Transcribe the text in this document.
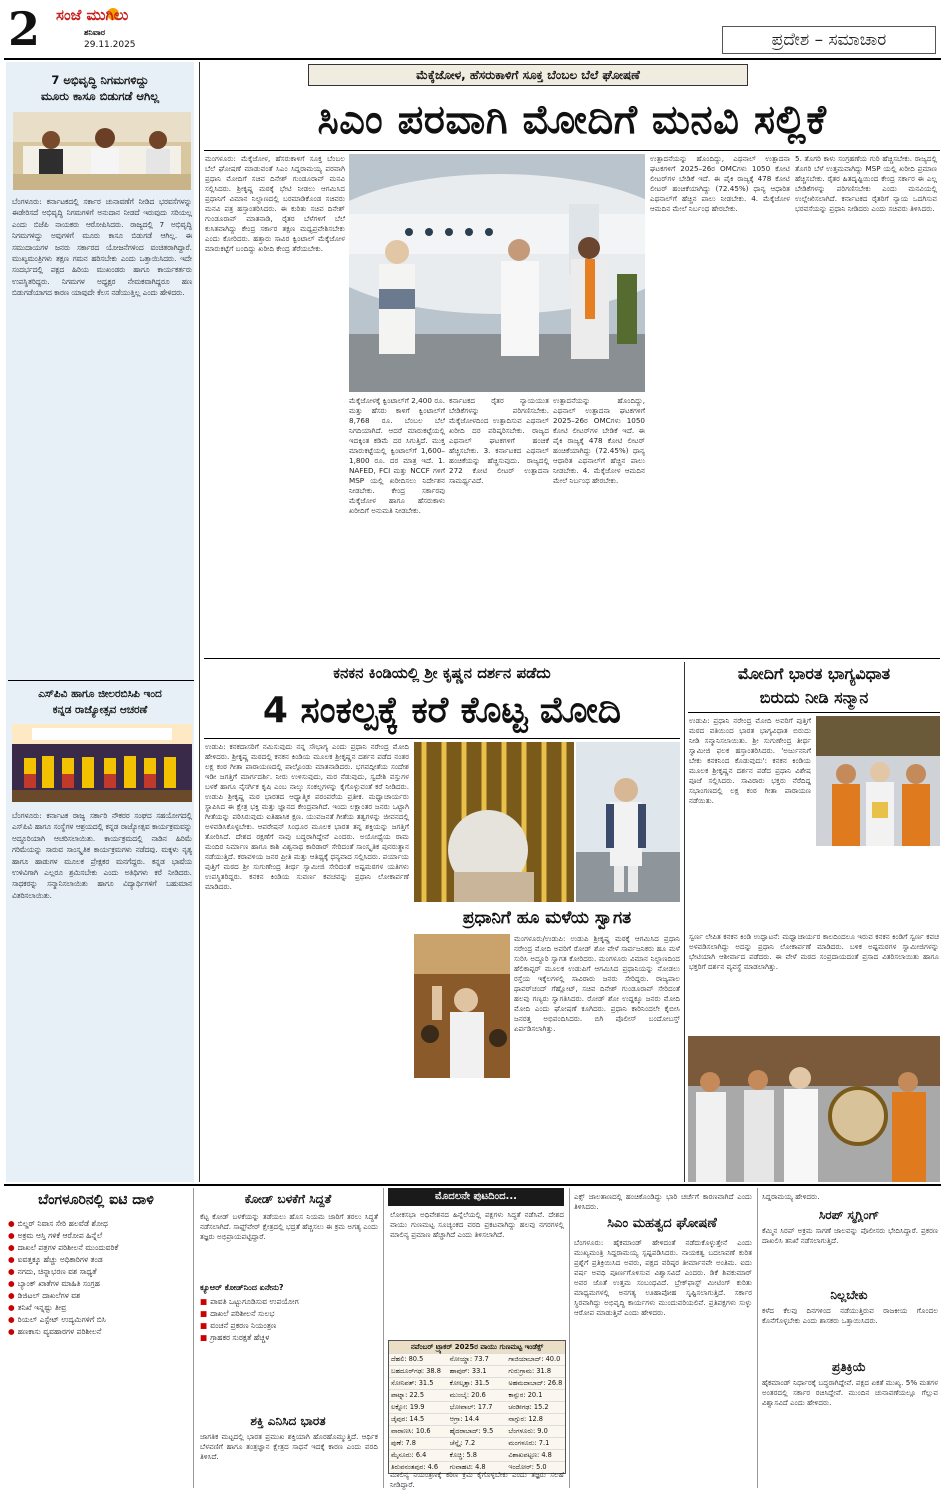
2 ಸಂಜೆ ಮುಗಿಲು
ಶನಿವಾರ
29.11.2025	ಪ್ರದೇಶ – ಸಮಾಚಾರ
7 ಅಭಿವೃದ್ಧಿ ನಿಗಮಗಳಿದ್ದು
ಮೂರು ಕಾಸೂ ಬಿಡುಗಡೆ ಆಗಿಲ್ಲ
ಬೆಂಗಳೂರು: ಕರ್ನಾಟಕದಲ್ಲಿ ಸರ್ಕಾರ ಚುನಾವಣೆಗೆ ನೀಡಿದ ಭರವಸೆಗಳನ್ನು ಈಡೇರಿಸದೆ ಅಭಿವೃದ್ಧಿ ನಿಗಮಗಳಿಗೆ ಅನುದಾನ ನೀಡದೆ ಇರುವುದು ಸರಿಯಲ್ಲ ಎಂದು ಬಿಜೆಪಿ ನಾಯಕರು ಆರೋಪಿಸಿದರು. ರಾಜ್ಯದಲ್ಲಿ 7 ಅಭಿವೃದ್ಧಿ ನಿಗಮಗಳಿದ್ದು ಅವುಗಳಿಗೆ ಮೂರು ಕಾಸೂ ಬಿಡುಗಡೆ ಆಗಿಲ್ಲ. ಈ ಸಮುದಾಯಗಳ ಜನರು ಸರ್ಕಾರದ ಯೋಜನೆಗಳಿಂದ ವಂಚಿತರಾಗಿದ್ದಾರೆ. ಮುಖ್ಯಮಂತ್ರಿಗಳು ತಕ್ಷಣ ಗಮನ ಹರಿಸಬೇಕು ಎಂದು ಒತ್ತಾಯಿಸಿದರು. ಇದೇ ಸಂದರ್ಭದಲ್ಲಿ ಪಕ್ಷದ ಹಿರಿಯ ಮುಖಂಡರು ಹಾಗೂ ಕಾರ್ಯಕರ್ತರು ಉಪಸ್ಥಿತರಿದ್ದರು. ನಿಗಮಗಳ ಅಧ್ಯಕ್ಷರ ನೇಮಕವಾಗಿದ್ದರೂ ಹಣ ಬಿಡುಗಡೆಯಾಗದ ಕಾರಣ ಯಾವುದೇ ಕೆಲಸ ನಡೆಯುತ್ತಿಲ್ಲ ಎಂದು ಹೇಳಿದರು.
ಎಸ್‌ಪಿವಿ ಹಾಗೂ ಜೀಲರಬಿಸಿಪಿ ಇಂದ
ಕನ್ನಡ ರಾಜ್ಯೋತ್ಸವ ಆಚರಣೆ
ಬೆಂಗಳೂರು: ಕರ್ನಾಟಕ ರಾಜ್ಯ ಸರ್ಕಾರಿ ನೌಕರರ ಸಂಘದ ಸಹಯೋಗದಲ್ಲಿ ಎಸ್‌ಪಿವಿ ಹಾಗೂ ಸಂಸ್ಥೆಗಳ ಆಶ್ರಯದಲ್ಲಿ ಕನ್ನಡ ರಾಜ್ಯೋತ್ಸವ ಕಾರ್ಯಕ್ರಮವನ್ನು ಅದ್ಧೂರಿಯಾಗಿ ಆಚರಿಸಲಾಯಿತು. ಕಾರ್ಯಕ್ರಮದಲ್ಲಿ ನಾಡಿನ ಹಿರಿಮೆ ಗರಿಮೆಯನ್ನು ಸಾರುವ ಸಾಂಸ್ಕೃತಿಕ ಕಾರ್ಯಕ್ರಮಗಳು ನಡೆದವು. ಮಕ್ಕಳು ನೃತ್ಯ ಹಾಗೂ ಹಾಡುಗಳ ಮೂಲಕ ಪ್ರೇಕ್ಷಕರ ಮನಗೆದ್ದರು. ಕನ್ನಡ ಭಾಷೆಯ ಉಳಿವಿಗಾಗಿ ಎಲ್ಲರೂ ಶ್ರಮಿಸಬೇಕು ಎಂದು ಅತಿಥಿಗಳು ಕರೆ ನೀಡಿದರು. ಸಾಧಕರನ್ನು ಸನ್ಮಾನಿಸಲಾಯಿತು ಹಾಗೂ ವಿದ್ಯಾರ್ಥಿಗಳಿಗೆ ಬಹುಮಾನ ವಿತರಿಸಲಾಯಿತು.
ಮೆಕ್ಕೆಜೋಳ, ಹೆಸರುಕಾಳಿಗೆ ಸೂಕ್ತ ಬೆಂಬಲ ಬೆಲೆ ಘೋಷಣೆ
ಸಿಎಂ ಪರವಾಗಿ ಮೋದಿಗೆ ಮನವಿ ಸಲ್ಲಿಕೆ
ಮಂಗಳೂರು: ಮೆಕ್ಕೆಜೋಳ, ಹೆಸರುಕಾಳಿಗೆ ಸೂಕ್ತ ಬೆಂಬಲ ಬೆಲೆ ಘೋಷಣೆ ಮಾಡುವಂತೆ ಸಿಎಂ ಸಿದ್ದರಾಮಯ್ಯ ಪರವಾಗಿ ಪ್ರಧಾನಿ ಮೋದಿಗೆ ಸಚಿವ ದಿನೇಶ್ ಗುಂಡೂರಾವ್ ಮನವಿ ಸಲ್ಲಿಸಿದರು. ಶ್ರೀಕೃಷ್ಣ ಮಠಕ್ಕೆ ಭೇಟಿ ನೀಡಲು ಆಗಮಿಸಿದ ಪ್ರಧಾನಿಗೆ ವಿಮಾನ ನಿಲ್ದಾಣದಲ್ಲಿ ಬರಮಾಡಿಕೊಂಡ ಸಚಿವರು ಮನವಿ ಪತ್ರ ಹಸ್ತಾಂತರಿಸಿದರು. ಈ ಕುರಿತು ಸಚಿವ ದಿನೇಶ್ ಗುಂಡೂರಾವ್ ಮಾತನಾಡಿ, ರೈತರ ಬೆಳೆಗಳಿಗೆ ಬೆಲೆ ಕುಸಿತವಾಗಿದ್ದು ಕೇಂದ್ರ ಸರ್ಕಾರ ತಕ್ಷಣ ಮಧ್ಯಪ್ರವೇಶಿಸಬೇಕು ಎಂದು ಕೋರಿದರು. ಹತ್ತಾರು ಸಾವಿರ ಕ್ವಿಂಟಾಲ್ ಮೆಕ್ಕೆಜೋಳ ಮಾರುಕಟ್ಟೆಗೆ ಬಂದಿದ್ದು ಖರೀದಿ ಕೇಂದ್ರ ತೆರೆಯಬೇಕು.
ಮೆಕ್ಕೆಜೋಳಕ್ಕೆ ಕ್ವಿಂಟಾಲ್‌ಗೆ 2,400 ರೂ. ಮತ್ತು ಹೆಸರು ಕಾಳಿಗೆ ಕ್ವಿಂಟಾಲ್‌ಗೆ 8,768 ರೂ. ಬೆಂಬಲ ಬೆಲೆ ನಿಗದಿಯಾಗಿದೆ. ಆದರೆ ಮಾರುಕಟ್ಟೆಯಲ್ಲಿ ಇದಕ್ಕಿಂತ ಕಡಿಮೆ ದರ ಸಿಗುತ್ತಿದೆ. ಮುಕ್ತ ಮಾರುಕಟ್ಟೆಯಲ್ಲಿ ಕ್ವಿಂಟಾಲ್‌ಗೆ 1,600–1,800 ರೂ. ದರ ಮಾತ್ರ ಇದೆ. 1. NAFED, FCI ಮತ್ತು NCCF ಗಳಿಗೆ MSP ಯಲ್ಲಿ ಖರೀದಿಸಲು ನಿರ್ದೇಶನ ನೀಡಬೇಕು. ಕೇಂದ್ರ ಸರ್ಕಾರವು ಮೆಕ್ಕೆಜೋಳ ಹಾಗೂ ಹೆಸರುಕಾಳು ಖರೀದಿಗೆ ಅನುಮತಿ ನೀಡಬೇಕು.
ಕರ್ನಾಟಕದ ರೈತರ ನ್ಯಾಯಯುತ ಬೇಡಿಕೆಗಳನ್ನು ಪರಿಗಣಿಸಬೇಕು. ಮೆಕ್ಕೆಜೋಳದಿಂದ ಉತ್ಪಾದಿಸುವ ಎಥನಾಲ್ ಖರೀದಿ ದರ ಪರಿಷ್ಕರಿಸಬೇಕು. ರಾಜ್ಯದ ಎಥನಾಲ್ ಘಟಕಗಳಿಗೆ ಹಂಚಿಕೆ ಹೆಚ್ಚಿಸಬೇಕು. 3. ಕರ್ನಾಟಕದ ಎಥನಾಲ್ ಹಂಚಿಕೆಯನ್ನು ಹೆಚ್ಚಿಸುವುದು. ರಾಜ್ಯದಲ್ಲಿ 272 ಕೋಟಿ ಲೀಟರ್ ಉತ್ಪಾದನಾ ಸಾಮರ್ಥ್ಯವಿದೆ.
ಉತ್ಪಾದನೆಯನ್ನು ಹೊಂದಿದ್ದು, ಎಥನಾಲ್ ಉತ್ಪಾದನಾ ಘಟಕಗಳಿಗೆ 2025–26ರ OMCಗಳು 1050 ಕೋಟಿ ಲೀಟರ್‌ಗಳ ಬೇಡಿಕೆ ಇದೆ. ಈ ಪೈಕಿ ರಾಜ್ಯಕ್ಕೆ 478 ಕೋಟಿ ಲೀಟರ್ ಹಂಚಿಕೆಯಾಗಿದ್ದು (72.45%) ಧಾನ್ಯ ಆಧಾರಿತ ಎಥನಾಲ್‌ಗೆ ಹೆಚ್ಚಿನ ಪಾಲು ನೀಡಬೇಕು. 4. ಮೆಕ್ಕೆಜೋಳ ಆಮದಿನ ಮೇಲೆ ನಿರ್ಬಂಧ ಹೇರಬೇಕು.
ಉತ್ಪಾದನೆಯನ್ನು ಹೊಂದಿದ್ದು, ಎಥನಾಲ್ ಉತ್ಪಾದನಾ ಘಟಕಗಳಿಗೆ 2025–26ರ OMCಗಳು 1050 ಕೋಟಿ ಲೀಟರ್‌ಗಳ ಬೇಡಿಕೆ ಇದೆ. ಈ ಪೈಕಿ ರಾಜ್ಯಕ್ಕೆ 478 ಕೋಟಿ ಲೀಟರ್ ಹಂಚಿಕೆಯಾಗಿದ್ದು (72.45%) ಧಾನ್ಯ ಆಧಾರಿತ ಎಥನಾಲ್‌ಗೆ ಹೆಚ್ಚಿನ ಪಾಲು ನೀಡಬೇಕು. 4. ಮೆಕ್ಕೆಜೋಳ ಆಮದಿನ ಮೇಲೆ ನಿರ್ಬಂಧ ಹೇರಬೇಕು.
5. ತೊಗರಿ ಕಾಳು ಸಂಗ್ರಹಣೆಯ ಗುರಿ ಹೆಚ್ಚಿಸಬೇಕು. ರಾಜ್ಯದಲ್ಲಿ ತೊಗರಿ ಬೆಳೆ ಉತ್ತಮವಾಗಿದ್ದು MSP ಯಲ್ಲಿ ಖರೀದಿ ಪ್ರಮಾಣ ಹೆಚ್ಚಿಸಬೇಕು. ರೈತರ ಹಿತದೃಷ್ಟಿಯಿಂದ ಕೇಂದ್ರ ಸರ್ಕಾರ ಈ ಎಲ್ಲ ಬೇಡಿಕೆಗಳನ್ನು ಪರಿಗಣಿಸಬೇಕು ಎಂದು ಮನವಿಯಲ್ಲಿ ಉಲ್ಲೇಖಿಸಲಾಗಿದೆ. ಕರ್ನಾಟಕದ ರೈತರಿಗೆ ನ್ಯಾಯ ಒದಗಿಸುವ ಭರವಸೆಯನ್ನು ಪ್ರಧಾನಿ ನೀಡಿದರು ಎಂದು ಸಚಿವರು ತಿಳಿಸಿದರು.
ಕನಕನ ಕಿಂಡಿಯಲ್ಲಿ ಶ್ರೀ ಕೃಷ್ಣನ ದರ್ಶನ ಪಡೆದು
4 ಸಂಕಲ್ಪಕ್ಕೆ ಕರೆ ಕೊಟ್ಟ ಮೋದಿ
ಉಡುಪಿ: ಕನಕದಾಸರಿಗೆ ನಮಿಸುವುದು ನನ್ನ ಸೌಭಾಗ್ಯ ಎಂದು ಪ್ರಧಾನಿ ನರೇಂದ್ರ ಮೋದಿ ಹೇಳಿದರು. ಶ್ರೀಕೃಷ್ಣ ಮಠದಲ್ಲಿ ಕನಕನ ಕಿಂಡಿಯ ಮೂಲಕ ಶ್ರೀಕೃಷ್ಣನ ದರ್ಶನ ಪಡೆದ ನಂತರ ಲಕ್ಷ ಕಂಠ ಗೀತಾ ಪಾರಾಯಣದಲ್ಲಿ ಪಾಲ್ಗೊಂಡು ಮಾತನಾಡಿದರು. ಭಗವದ್ಗೀತೆಯ ಸಂದೇಶ ಇಡೀ ಜಗತ್ತಿಗೆ ಮಾರ್ಗದರ್ಶಿ. ನೀರು ಉಳಿಸುವುದು, ಮರ ನೆಡುವುದು, ಸ್ವದೇಶಿ ವಸ್ತುಗಳ ಬಳಕೆ ಹಾಗೂ ನೈಸರ್ಗಿಕ ಕೃಷಿ ಎಂಬ ನಾಲ್ಕು ಸಂಕಲ್ಪಗಳನ್ನು ಕೈಗೊಳ್ಳುವಂತೆ ಕರೆ ನೀಡಿದರು. ಉಡುಪಿ ಶ್ರೀಕೃಷ್ಣ ಮಠ ಭಾರತದ ಆಧ್ಯಾತ್ಮಿಕ ಪರಂಪರೆಯ ಪ್ರತೀಕ. ಮಧ್ವಾಚಾರ್ಯರು ಸ್ಥಾಪಿಸಿದ ಈ ಕ್ಷೇತ್ರ ಭಕ್ತಿ ಮತ್ತು ಜ್ಞಾನದ ಕೇಂದ್ರವಾಗಿದೆ. ಇಂದು ಲಕ್ಷಾಂತರ ಜನರು ಒಟ್ಟಾಗಿ ಗೀತೆಯನ್ನು ಪಠಿಸಿರುವುದು ಐತಿಹಾಸಿಕ ಕ್ಷಣ. ಯುವಜನತೆ ಗೀತೆಯ ತತ್ವಗಳನ್ನು ಜೀವನದಲ್ಲಿ ಅಳವಡಿಸಿಕೊಳ್ಳಬೇಕು. ಆಪರೇಷನ್ ಸಿಂಧೂರ ಮೂಲಕ ಭಾರತ ತನ್ನ ಶಕ್ತಿಯನ್ನು ಜಗತ್ತಿಗೆ ತೋರಿಸಿದೆ. ದೇಶದ ರಕ್ಷಣೆಗೆ ನಾವು ಬದ್ಧರಾಗಿದ್ದೇವೆ ಎಂದರು. ಅಯೋಧ್ಯೆಯ ರಾಮ ಮಂದಿರ ನಿರ್ಮಾಣ ಹಾಗೂ ಕಾಶಿ ವಿಶ್ವನಾಥ ಕಾರಿಡಾರ್ ಸೇರಿದಂತೆ ಸಾಂಸ್ಕೃತಿಕ ಪುನರುತ್ಥಾನ ನಡೆಯುತ್ತಿದೆ. ಕರಾವಳಿಯ ಜನರ ಪ್ರೀತಿ ಮತ್ತು ಆತಿಥ್ಯಕ್ಕೆ ಧನ್ಯವಾದ ಸಲ್ಲಿಸಿದರು. ಪರ್ಯಾಯ ಪುತ್ತಿಗೆ ಮಠದ ಶ್ರೀ ಸುಗುಣೇಂದ್ರ ತೀರ್ಥ ಸ್ವಾಮೀಜಿ ಸೇರಿದಂತೆ ಅಷ್ಟಮಠಗಳ ಯತಿಗಳು ಉಪಸ್ಥಿತರಿದ್ದರು. ಕನಕನ ಕಿಂಡಿಯ ಸುವರ್ಣ ಕವಚವನ್ನು ಪ್ರಧಾನಿ ಲೋಕಾರ್ಪಣೆ ಮಾಡಿದರು.
ಪ್ರಧಾನಿಗೆ ಹೂ ಮಳೆಯ ಸ್ವಾಗತ
ಮಂಗಳೂರು/ಉಡುಪಿ: ಉಡುಪಿ ಶ್ರೀಕೃಷ್ಣ ಮಠಕ್ಕೆ ಆಗಮಿಸಿದ ಪ್ರಧಾನಿ ನರೇಂದ್ರ ಮೋದಿ ಅವರಿಗೆ ರೋಡ್ ಶೋ ವೇಳೆ ಸಾರ್ವಜನಿಕರು ಹೂ ಮಳೆ ಸುರಿಸಿ ಅದ್ಧೂರಿ ಸ್ವಾಗತ ಕೋರಿದರು. ಮಂಗಳೂರು ವಿಮಾನ ನಿಲ್ದಾಣದಿಂದ ಹೆಲಿಕಾಪ್ಟರ್ ಮೂಲಕ ಉಡುಪಿಗೆ ಆಗಮಿಸಿದ ಪ್ರಧಾನಿಯನ್ನು ನೋಡಲು ರಸ್ತೆಯ ಇಕ್ಕೆಲಗಳಲ್ಲಿ ಸಾವಿರಾರು ಜನರು ಸೇರಿದ್ದರು. ರಾಜ್ಯಪಾಲ ಥಾವರ್‌ಚಂದ್ ಗೆಹ್ಲೋಟ್, ಸಚಿವ ದಿನೇಶ್ ಗುಂಡೂರಾವ್ ಸೇರಿದಂತೆ ಹಲವು ಗಣ್ಯರು ಸ್ವಾಗತಿಸಿದರು. ರೋಡ್ ಶೋ ಉದ್ದಕ್ಕೂ ಜನರು ಮೋದಿ ಮೋದಿ ಎಂದು ಘೋಷಣೆ ಕೂಗಿದರು. ಪ್ರಧಾನಿ ಕಾರಿನಿಂದಲೇ ಕೈಬೀಸಿ ಜನರತ್ತ ಅಭಿವಂದಿಸಿದರು. ಬಿಗಿ ಪೊಲೀಸ್ ಬಂದೋಬಸ್ತ್ ಏರ್ಪಡಿಸಲಾಗಿತ್ತು.
ಮೋದಿಗೆ ಭಾರತ ಭಾಗ್ಯವಿಧಾತ
ಬಿರುದು ನೀಡಿ ಸನ್ಮಾನ
ಉಡುಪಿ: ಪ್ರಧಾನಿ ನರೇಂದ್ರ ಮೋದಿ ಅವರಿಗೆ ಪುತ್ತಿಗೆ ಮಠದ ವತಿಯಿಂದ ಭಾರತ ಭಾಗ್ಯವಿಧಾತ ಬಿರುದು ನೀಡಿ ಸನ್ಮಾನಿಸಲಾಯಿತು. ಶ್ರೀ ಸುಗುಣೇಂದ್ರ ತೀರ್ಥ ಸ್ವಾಮೀಜಿ ಫಲಕ ಹಸ್ತಾಂತರಿಸಿದರು. 'ಅರ್ಜುನನಿಗೆ ಬೇಕು ಕನಕನಿಂದ ಕೊಡುವುದು': ಕನಕನ ಕಿಂಡಿಯ ಮೂಲಕ ಶ್ರೀಕೃಷ್ಣನ ದರ್ಶನ ಪಡೆದ ಪ್ರಧಾನಿ ವಿಶೇಷ ಪೂಜೆ ಸಲ್ಲಿಸಿದರು. ಸಾವಿರಾರು ಭಕ್ತರು ನೆರೆದಿದ್ದ ಸಭಾಂಗಣದಲ್ಲಿ ಲಕ್ಷ ಕಂಠ ಗೀತಾ ಪಾರಾಯಣ ನಡೆಯಿತು.
ಸ್ವರ್ಣ ಲೇಪಿತ ಕನಕನ ಕಿಂಡಿ ಉದ್ಘಾಟನೆ: ಮಧ್ವಾಚಾರ್ಯರ ಕಾಲದಿಂದಲೂ ಇರುವ ಕನಕನ ಕಿಂಡಿಗೆ ಸ್ವರ್ಣ ಕವಚ ಅಳವಡಿಸಲಾಗಿದ್ದು ಅದನ್ನು ಪ್ರಧಾನಿ ಲೋಕಾರ್ಪಣೆ ಮಾಡಿದರು. ಬಳಿಕ ಅಷ್ಟಮಠಗಳ ಸ್ವಾಮೀಜಿಗಳನ್ನು ಭೇಟಿಯಾಗಿ ಆಶೀರ್ವಾದ ಪಡೆದರು. ಈ ವೇಳೆ ಮಠದ ಸಂಪ್ರದಾಯದಂತೆ ಪ್ರಸಾದ ವಿತರಿಸಲಾಯಿತು ಹಾಗೂ ಭಕ್ತರಿಗೆ ದರ್ಶನ ವ್ಯವಸ್ಥೆ ಮಾಡಲಾಗಿತ್ತು.
ಬೆಂಗಳೂರಿನಲ್ಲಿ ಐಟಿ ದಾಳಿ
● ಬಿಲ್ಡರ್ ನಿವಾಸ ಸೇರಿ ಹಲವೆಡೆ ಶೋಧ
● ಅಕ್ರಮ ಆಸ್ತಿ ಗಳಿಕೆ ಆರೋಪ ಹಿನ್ನೆಲೆ
● ದಾಖಲೆ ಪತ್ರಗಳ ಪರಿಶೀಲನೆ ಮುಂದುವರಿಕೆ
● ಐವತ್ತಕ್ಕೂ ಹೆಚ್ಚು ಅಧಿಕಾರಿಗಳ ತಂಡ
● ನಗದು, ಚಿನ್ನಾಭರಣ ವಶ ಸಾಧ್ಯತೆ
● ಬ್ಯಾಂಕ್ ಖಾತೆಗಳ ಮಾಹಿತಿ ಸಂಗ್ರಹ
● ಡಿಜಿಟಲ್ ದಾಖಲೆಗಳ ವಶ
● ತನಿಖೆ ಇನ್ನಷ್ಟು ತೀವ್ರ
● ರಿಯಲ್ ಎಸ್ಟೇಟ್ ಉದ್ಯಮಿಗಳಿಗೆ ಬಿಸಿ
● ಹಣಕಾಸು ವ್ಯವಹಾರಗಳ ಪರಿಶೀಲನೆ
ಕೋಡ್ ಬಳಕೆಗೆ ಸಿದ್ದತೆ
ಕೆಟ್ಟ ಕೋಡ್ ಬಳಕೆಯನ್ನು ತಡೆಯಲು ಹೊಸ ನಿಯಮ ಜಾರಿಗೆ ತರಲು ಸಿದ್ಧತೆ ನಡೆಸಲಾಗಿದೆ. ಸಾಫ್ಟ್‌ವೇರ್ ಕ್ಷೇತ್ರದಲ್ಲಿ ಭದ್ರತೆ ಹೆಚ್ಚಿಸಲು ಈ ಕ್ರಮ ಅಗತ್ಯ ಎಂದು ತಜ್ಞರು ಅಭಿಪ್ರಾಯಪಟ್ಟಿದ್ದಾರೆ.
ಕ್ಯೂಆರ್ ಕೋಡ್‌ನಿಂದ ಏನೇನು?
■ ಪಾವತಿ ಒಟ್ಟುಗೂಡಿಸುವ ಉಪಯೋಗ
■ ದಾಖಲೆ ಪರಿಶೀಲನೆ ಸುಲಭ
■ ವಂಚನೆ ಪ್ರಕರಣ ನಿಯಂತ್ರಣ
■ ಗ್ರಾಹಕರ ಸುರಕ್ಷತೆ ಹೆಚ್ಚಳ
ಶಕ್ತಿ ಎನಿಸಿದ ಭಾರತ
ಜಾಗತಿಕ ಮಟ್ಟದಲ್ಲಿ ಭಾರತ ಪ್ರಮುಖ ಶಕ್ತಿಯಾಗಿ ಹೊರಹೊಮ್ಮುತ್ತಿದೆ. ಆರ್ಥಿಕ ಬೆಳವಣಿಗೆ ಹಾಗೂ ತಂತ್ರಜ್ಞಾನ ಕ್ಷೇತ್ರದ ಸಾಧನೆ ಇದಕ್ಕೆ ಕಾರಣ ಎಂದು ವರದಿ ತಿಳಿಸಿದೆ.
ಮೊದಲನೇ ಪುಟದಿಂದ...
ಲೋಕಸಭಾ ಅಧಿವೇಶನದ ಹಿನ್ನೆಲೆಯಲ್ಲಿ ಪಕ್ಷಗಳು ಸಿದ್ಧತೆ ನಡೆಸಿವೆ. ದೇಶದ ವಾಯು ಗುಣಮಟ್ಟ ಸೂಚ್ಯಂಕದ ವರದಿ ಪ್ರಕಟವಾಗಿದ್ದು ಹಲವು ನಗರಗಳಲ್ಲಿ ಮಾಲಿನ್ಯ ಪ್ರಮಾಣ ಹೆಚ್ಚಾಗಿದೆ ಎಂದು ತಿಳಿಸಲಾಗಿದೆ.
ನವೆಂಬರ್ ಟ್ರ್ಯಾಕರ್ 2025ರ ವಾಯು ಗುಣಮಟ್ಟ ಇಂಡೆಕ್ಸ್
ದೆಹಲಿ: 80.5	ನೋಯ್ಡಾ: 73.7	ಗಾಜಿಯಾಬಾದ್: 40.0
ಬಹದೂರ್‌ಗಢ: 38.8	ಹಾಪುರ್: 33.1	ಗುರುಗ್ರಾಮ: 31.8
ಸೋನಿಪತ್: 31.5	ಕೋಲ್ಕತ್ತಾ: 31.5	ಅಹಮದಾಬಾದ್: 26.8
ಪಾಟ್ನಾ: 22.5	ಮುಂಬೈ: 20.6	ಕಾನ್ಪುರ: 20.1
ಲಕ್ನೋ: 19.9	ಭೋಪಾಲ್: 17.7	ಚಂಡೀಗಢ: 15.2
ಜೈಪುರ: 14.5	ಆಗ್ರಾ: 14.4	ನಾಗ್ಪುರ: 12.8
ವಾರಾಣಸಿ: 10.6	ಹೈದರಾಬಾದ್: 9.5	ಬೆಂಗಳೂರು: 9.0
ಪುಣೆ: 7.8	ಚೆನ್ನೈ: 7.2	ಮಂಗಳೂರು: 7.1
ಮೈಸೂರು: 6.4	ಕೊಚ್ಚಿ: 5.8	ವಿಶಾಖಪಟ್ಟಣ: 4.8
ತಿರುವನಂತಪುರ: 4.6	ಗುವಾಹಟಿ: 4.8	ಇಂದೋರ್: 5.0
ಮಾಲಿನ್ಯ ನಿಯಂತ್ರಣಕ್ಕೆ ಕಠಿಣ ಕ್ರಮ ಕೈಗೊಳ್ಳಬೇಕು ಎಂದು ತಜ್ಞರು ಸಲಹೆ ನೀಡಿದ್ದಾರೆ.
ಎಕ್ಸ್ ಜಾಲತಾಣದಲ್ಲಿ ಹಂಚಿಕೊಂಡಿದ್ದು ಭಾರಿ ಚರ್ಚೆಗೆ ಕಾರಣವಾಗಿದೆ ಎಂದು ತಿಳಿಸಿದರು.
ಸಿಎಂ ಮಹತ್ವದ ಘೋಷಣೆ
ಬೆಂಗಳೂರು: ಹೈಕಮಾಂಡ್ ಹೇಳಿದಂತೆ ನಡೆದುಕೊಳ್ಳುತ್ತೇನೆ ಎಂದು ಮುಖ್ಯಮಂತ್ರಿ ಸಿದ್ದರಾಮಯ್ಯ ಸ್ಪಷ್ಟಪಡಿಸಿದರು. ನಾಯಕತ್ವ ಬದಲಾವಣೆ ಕುರಿತ ಪ್ರಶ್ನೆಗೆ ಪ್ರತಿಕ್ರಿಯಿಸಿದ ಅವರು, ಪಕ್ಷದ ವರಿಷ್ಠರ ತೀರ್ಮಾನವೇ ಅಂತಿಮ. ಐದು ವರ್ಷ ಅವಧಿ ಪೂರ್ಣಗೊಳಿಸುವ ವಿಶ್ವಾಸವಿದೆ ಎಂದರು. ಡಿಕೆ ಶಿವಕುಮಾರ್ ಅವರ ಜೊತೆ ಉತ್ತಮ ಸಂಬಂಧವಿದೆ. ಬ್ರೇಕ್‌ಫಾಸ್ಟ್ ಮೀಟಿಂಗ್ ಕುರಿತು ಮಾಧ್ಯಮಗಳಲ್ಲಿ ಅನಗತ್ಯ ಊಹಾಪೋಹ ಸೃಷ್ಟಿಸಲಾಗುತ್ತಿದೆ. ಸರ್ಕಾರ ಸ್ಥಿರವಾಗಿದ್ದು ಅಭಿವೃದ್ಧಿ ಕಾರ್ಯಗಳು ಮುಂದುವರಿಯಲಿವೆ. ಪ್ರತಿಪಕ್ಷಗಳು ಸುಳ್ಳು ಆರೋಪ ಮಾಡುತ್ತಿವೆ ಎಂದು ಹೇಳಿದರು.
ಸಿದ್ದರಾಮಯ್ಯ ಹೇಳಿದರು.
ಸಿರಪ್ ಸ್ಮಗ್ಲಿಂಗ್
ಕೆಮ್ಮಿನ ಸಿರಪ್ ಅಕ್ರಮ ಸಾಗಣೆ ಜಾಲವನ್ನು ಪೊಲೀಸರು ಭೇದಿಸಿದ್ದಾರೆ. ಪ್ರಕರಣ ದಾಖಲಿಸಿ ತನಿಖೆ ನಡೆಸಲಾಗುತ್ತಿದೆ.
ನಿಲ್ಲಬೇಕು
ಕಳೆದ ಕೆಲವು ದಿನಗಳಿಂದ ನಡೆಯುತ್ತಿರುವ ರಾಜಕೀಯ ಗೊಂದಲ ಕೊನೆಗೊಳ್ಳಬೇಕು ಎಂದು ಶಾಸಕರು ಒತ್ತಾಯಿಸಿದರು.
ಪ್ರತಿಕ್ರಿಯೆ
ಹೈಕಮಾಂಡ್ ನಿರ್ಧಾರಕ್ಕೆ ಬದ್ಧರಾಗಿದ್ದೇವೆ. ಪಕ್ಷದ ಏಕತೆ ಮುಖ್ಯ. 5% ಮತಗಳ ಅಂತರದಲ್ಲಿ ಸರ್ಕಾರ ರಚಿಸಿದ್ದೇವೆ. ಮುಂದಿನ ಚುನಾವಣೆಯಲ್ಲೂ ಗೆಲ್ಲುವ ವಿಶ್ವಾಸವಿದೆ ಎಂದು ಹೇಳಿದರು.
